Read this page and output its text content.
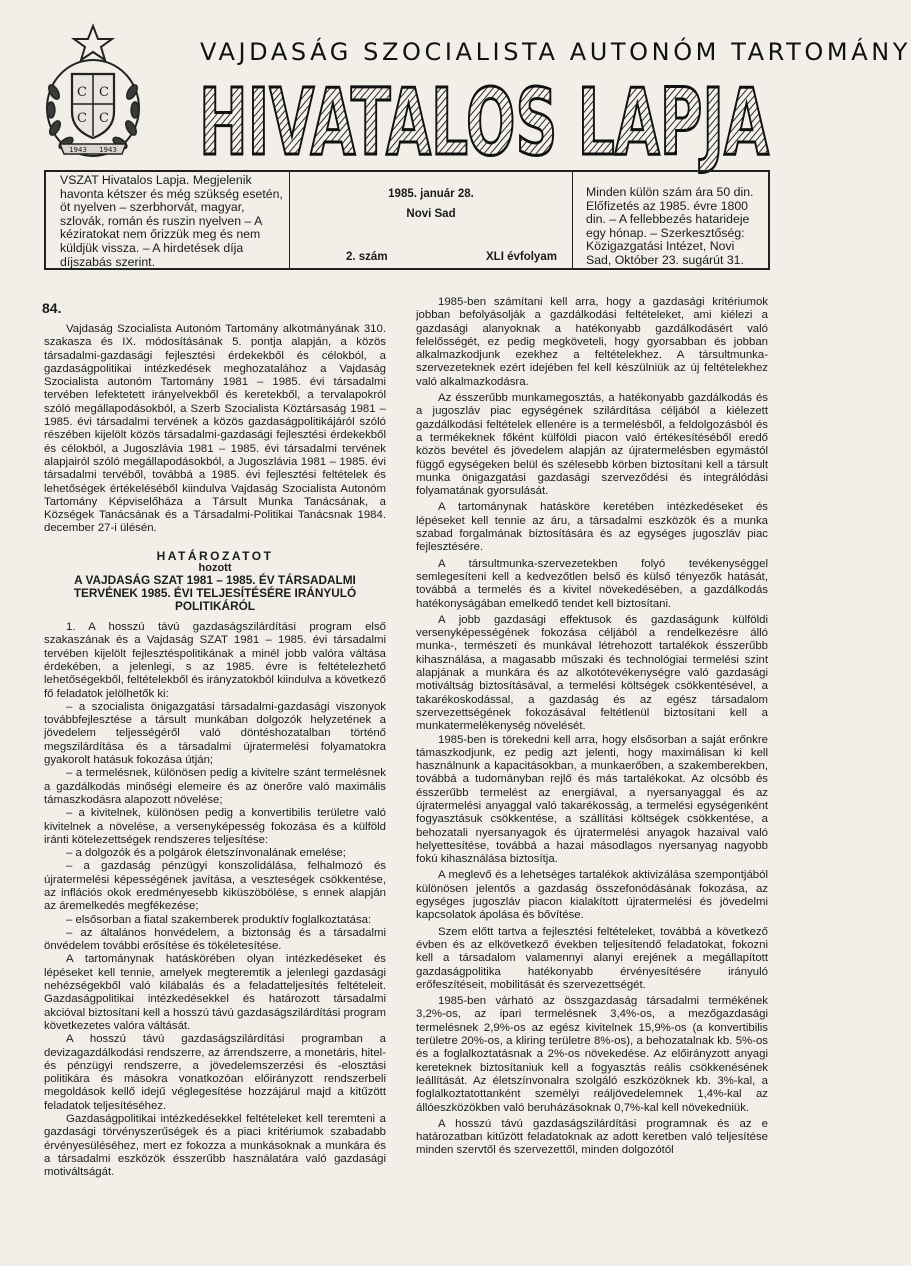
C C
C C
1943 1943
VAJDASÁG SZOCIALISTA AUTONÓM TARTOMÁNY
HIVATALOS LAPJA
VSZAT Hivatalos Lapja. Megjelenik havonta kétszer és még szükség esetén, öt nyelven – szerbhorvát, magyar, szlovák, román és ruszin nyelven – A kéziratokat nem őrizzük meg és nem küldjük vissza. – A hirdetések díja díjszabás szerint.
1985. január 28.
Novi Sad
2. szám	XLI évfolyam
Minden külön szám ára 50 din. Előfizetés az 1985. évre 1800 din. – A fellebbezés hatarideje egy hónap. – Szerkesztőség: Közigazgatási Intézet, Novi Sad, Október 23. sugárút 31.
84.

Vajdaság Szocialista Autonóm Tartomány alkotmányának 310. szakasza és IX. módosításának 5. pontja alapján, a közös társadalmi-gazdasági fejlesztési érdekekből és célokból, a gazdaságpolitikai intézkedések meghozatalához a Vajdaság Szocialista autonóm Tartomány 1981 – 1985. évi társadalmi tervében lefektetett irányelvekből és keretekből, a tervalapokról szóló megállapodásokból, a Szerb Szocialista Köztársaság 1981 – 1985. évi társadalmi tervének a közös gazdaságpolitikájáról szóló részében kijelölt közös társadalmi-gazdasági fejlesztési érdekekből és célokból, a Jugoszlávia 1981 – 1985. évi társadalmi tervének alapjairól szóló megállapodásokból, a Jugoszlávia 1981 – 1985. évi társadalmi tervéből, továbbá a 1985. évi fejlesztési feltételek és lehetőségek értékeléséből kiindulva Vajdaság Szocialista Autonóm Tartomány Képviselőháza a Társult Munka Tanácsának, a Községek Tanácsának és a Társadalmi-Politikai Tanácsnak 1984. december 27-i ülésén.

HATÁROZATOT
hozott
A VAJDASÁG SZAT 1981 – 1985. ÉV TÁRSADALMI TERVÉNEK 1985. ÉVI TELJESÍTÉSÉRE IRÁNYULÓ POLITIKÁRÓL

1. A hosszú távú gazdaságszilárdítási program első szakaszának és a Vajdaság SZAT 1981 – 1985. évi társadalmi tervében kijelölt fejlesztéspolitikának a minél jobb valóra váltása érdekében, a jelenlegi, s az 1985. évre is feltételezhető lehetőségekből, feltételekből és irányzatokból kiindulva a következő fő feladatok jelölhetők ki:

– a szocialista önigazgatási társadalmi-gazdasági viszonyok továbbfejlesztése a társult munkában dolgozók helyzetének a jövedelem teljességéről való döntéshozatalban történő megszilárdítása és a társadalmi újratermelési folyamatokra gyakorolt hatásuk fokozása útján;

– a termelésnek, különösen pedig a kivitelre szánt termelésnek a gazdálkodás minőségi elemeire és az önerőre való maximális támaszkodásra alapozott növelése;

– a kivitelnek, különösen pedig a konvertibilis területre való kivitelnek a növelése, a versenyképesség fokozása és a külföld iránti kötelezettségek rendszeres teljesítése:

– a dolgozók és a polgárok életszínvonalának emelése;

– a gazdaság pénzügyi konszolidálása, felhalmozó és újratermelési képességének javítása, a veszteségek csökkentése, az inflációs okok eredményesebb kiküszöbölése, s ennek alapján az áremelkedés megfékezése;

– elsősorban a fiatal szakemberek produktív foglalkoztatása:

– az általános honvédelem, a biztonság és a társadalmi önvédelem további erősítése és tökéletesítése.

A tartománynak hatáskörében olyan intézkedéseket és lépéseket kell tennie, amelyek megteremtik a jelenlegi gazdasági nehézségekből való kilábalás és a feladatteljesítés feltételeit. Gazdaságpolitikai intézkedésekkel és határozott társadalmi akcióval biztosítani kell a hosszú távú gazdaságszilárdítási program következetes valóra váltását.

A hosszú távú gazdaságszilárdítási programban a devizagazdálkodási rendszerre, az árrendszerre, a monetáris, hitel- és pénzügyi rendszerre, a jövedelemszerzési és -elosztási politikára és másokra vonatkozóan előirányzott rendszerbeli megoldások kellő idejű véglegesítése hozzájárul majd a kitűzött feladatok teljesítéséhez.

Gazdaságpolitikai intézkedésekkel feltételeket kell teremteni a gazdasági törvényszerűségek és a piaci kritériumok szabadabb érvényesüléséhez, mert ez fokozza a munkásoknak a munkára és a társadalmi eszközök ésszerűbb használatára való gazdasági motiváltságát.

1985-ben számítani kell arra, hogy a gazdasági kritériumok jobban befolyásolják a gazdálkodási feltételeket, ami kiélezi a gazdasági alanyoknak a hatékonyabb gazdálkodásért való felelősségét, ez pedig megköveteli, hogy gyorsabban és jobban alkalmazkodjunk ezekhez a feltételekhez. A társultmunka-szervezeteknek ezért idejében fel kell készülniük az új feltételekhez való alkalmazkodásra.

Az ésszerűbb munkamegosztás, a hatékonyabb gazdálkodás és a jugoszláv piac egységének szilárdítása céljából a kiélezett gazdálkodási feltételek ellenére is a termelésből, a feldolgozásból és a termékeknek főként külföldi piacon való értékesítéséből eredő közös bevétel és jövedelem alapján az újratermelésben egymástól függő egységeken belül és szélesebb körben biztosítani kell a társult munka önigazgatási gazdasági szerveződési és integrálódási folyamatának gyorsulását.

A tartománynak hatásköre keretében intézkedéseket és lépéseket kell tennie az áru, a társadalmi eszközök és a munka szabad forgalmának biztosítására és az egységes jugoszláv piac fejlesztésére.

A társultmunka-szervezetekben folyó tevékenységgel semlegesíteni kell a kedvezőtlen belső és külső tényezők hatását, továbbá a termelés és a kivitel növekedésében, a gazdálkodás hatékonyságában emelkedő tendet kell biztosítani.

A jobb gazdasági effektusok és gazdaságunk külföldi versenyképességének fokozása céljából a rendelkezésre álló munka-, természeti és munkával létrehozott tartalékok ésszerűbb kihasználása, a magasabb műszaki és technológiai termelési szint alapjának a munkára és az alkotótevékenységre való gazdasági motiváltság biztosításával, a termelési költségek csökkentésével, a takarékoskodással, a gazdaság és az egész társadalom szervezettségének fokozásával feltétlenül biztosítani kell a munkatermelékenység növelését.

1985-ben is törekedni kell arra, hogy elsősorban a saját erőnkre támaszkodjunk, ez pedig azt jelenti, hogy maximálisan ki kell használnunk a kapacitásokban, a munkaerőben, a szakemberekben, továbbá a tudományban rejlő és más tartalékokat. Az olcsóbb és ésszerűbb termelést az energiával, a nyersanyaggal és az újratermelési anyaggal való takarékosság, a termelési egységenként fogyasztásuk csökkentése, a szállítási költségek csökkentése, a behozatali nyersanyagok és újratermelési anyagok hazaival való helyettesítése, továbbá a hazai másodlagos nyersanyag nagyobb fokú kihasználása biztosítja.

A meglevő és a lehetséges tartalékok aktivizálása szempontjából különösen jelentős a gazdaság összefonódásának fokozása, az egységes jugoszláv piacon kialakított újratermelési és jövedelmi kapcsolatok ápolása és bővítése.

Szem előtt tartva a fejlesztési feltételeket, továbbá a következő évben és az elkövetkező években teljesítendő feladatokat, fokozni kell a társadalom valamennyi alanyi erejének a megállapított gazdaságpolitika hatékonyabb érvényesítésére irányuló erőfeszítéseit, mobilitását és szervezettségét.

1985-ben várható az összgazdaság társadalmi termékének 3,2%-os, az ipari termelésnek 3,4%-os, a mezőgazdasági termelésnek 2,9%-os az egész kivitelnek 15,9%-os (a konvertibilis területre 20%-os, a kliring területre 8%-os), a behozatalnak kb. 5%-os és a foglalkoztatásnak a 2%-os növekedése. Az előirányzott anyagi kereteknek biztosítaniuk kell a fogyasztás reális csökkenésének leállítását. Az életszínvonalra szolgáló eszközöknek kb. 3%-kal, a foglalkoztatottanként személyi reáljövedelemnek 1,4%-kal az állóeszközökben való beruházásoknak 0,7%-kal kell növekedniük.

A hosszú távú gazdaságszilárdítási programnak és az e határozatban kitűzött feladatoknak az adott keretben való teljesítése minden szervtől és szervezettől, minden dolgozótól
